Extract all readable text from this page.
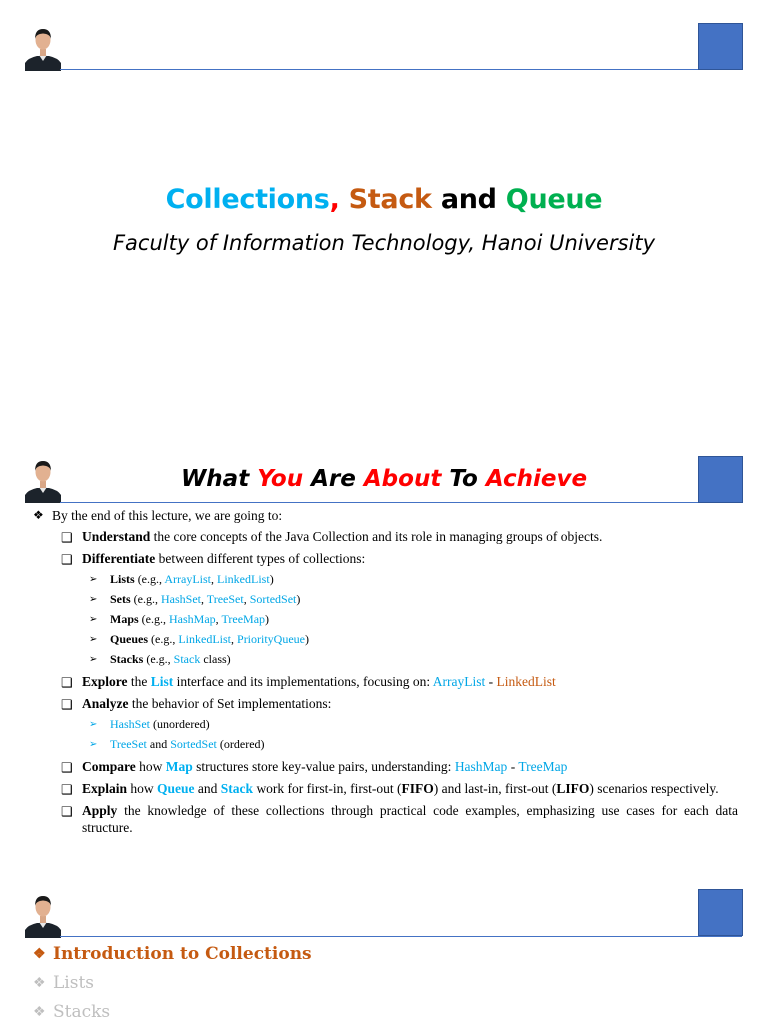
Collections, Stack and Queue
Faculty of Information Technology, Hanoi University
What You Are About To Achieve
❖ By the end of this lecture, we are going to:
❑ Understand the core concepts of the Java Collection and its role in managing groups of objects.
❑ Differentiate between different types of collections:
➢ Lists (e.g., ArrayList, LinkedList)
➢ Sets (e.g., HashSet, TreeSet, SortedSet)
➢ Maps (e.g., HashMap, TreeMap)
➢ Queues (e.g., LinkedList, PriorityQueue)
➢ Stacks (e.g., Stack class)
❑ Explore the List interface and its implementations, focusing on: ArrayList - LinkedList
❑ Analyze the behavior of Set implementations:
➢ HashSet (unordered)
➢ TreeSet and SortedSet (ordered)
❑ Compare how Map structures store key-value pairs, understanding: HashMap - TreeMap
❑ Explain how Queue and Stack work for first-in, first-out (FIFO) and last-in, first-out (LIFO) scenarios respectively.
❑ Apply the knowledge of these collections through practical code examples, emphasizing use cases for each data structure.
❖ Introduction to Collections
❖ Lists
❖ Stacks
